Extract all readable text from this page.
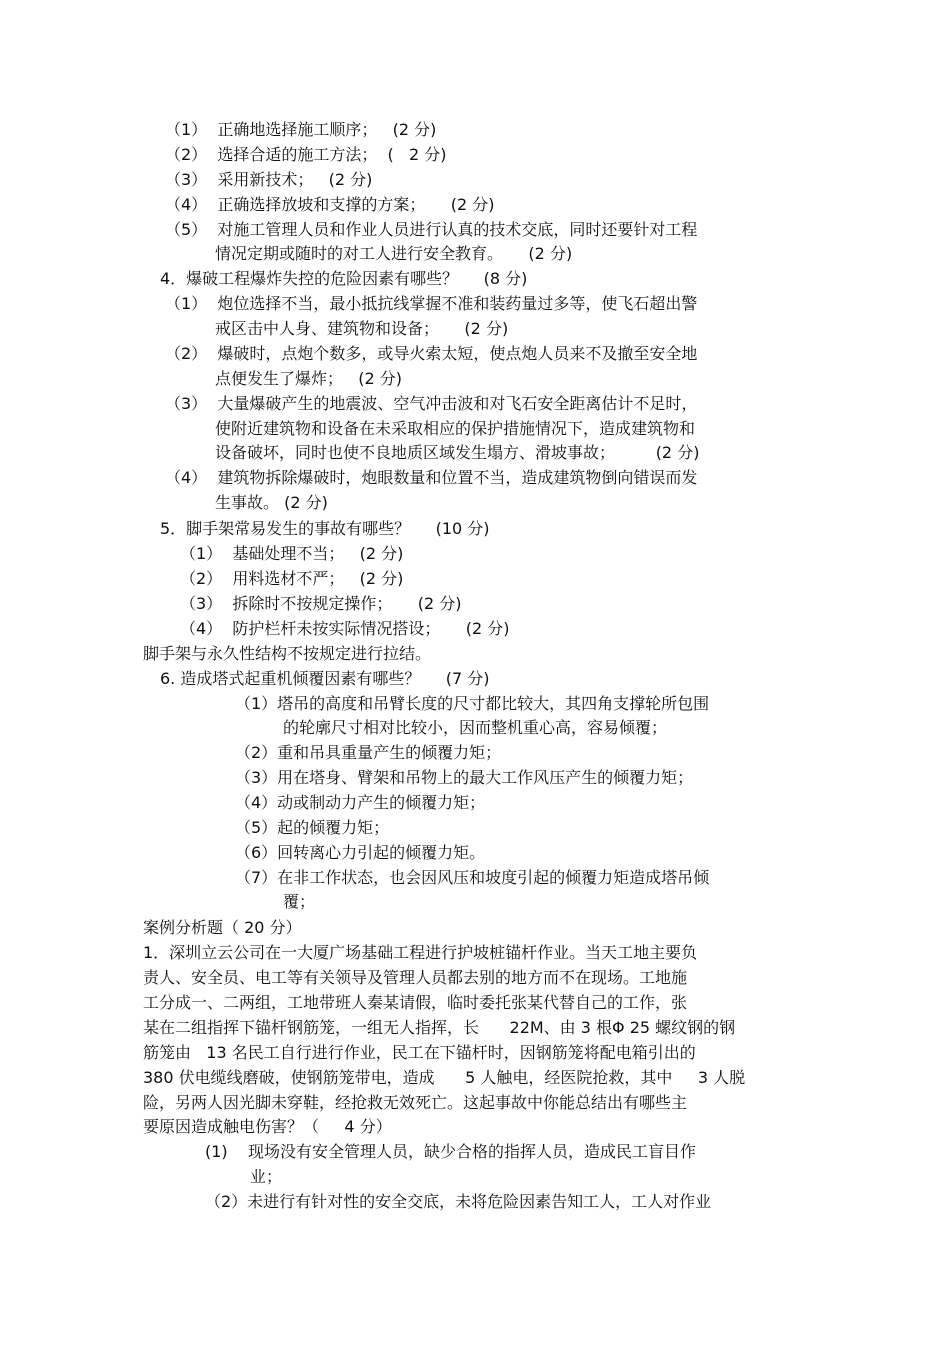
（1）  正确地选择施工顺序；   (2 分)
（2）  选择合适的施工方法；  (   2 分)
（3）  采用新技术；   (2 分)
（4）  正确选择放坡和支撑的方案；     (2 分)
（5）  对施工管理人员和作业人员进行认真的技术交底，同时还要针对工程
情况定期或随时的对工人进行安全教育。     (2 分)
4．爆破工程爆炸失控的危险因素有哪些？     (8 分)
（1）  炮位选择不当，最小抵抗线掌握不准和装药量过多等，使飞石超出警
戒区击中人身、建筑物和设备；     (2 分)
（2）  爆破时，点炮个数多，或导火索太短，使点炮人员来不及撤至安全地
点便发生了爆炸；   (2 分)
（3）  大量爆破产生的地震波、空气冲击波和对飞石安全距离估计不足时，
使附近建筑物和设备在未采取相应的保护措施情况下，造成建筑物和
设备破坏，同时也使不良地质区域发生塌方、滑坡事故；        (2 分)
（4）  建筑物拆除爆破时，炮眼数量和位置不当，造成建筑物倒向错误而发
生事故。 (2 分)
5．脚手架常易发生的事故有哪些？     (10 分)
（1）  基础处理不当；   (2 分)
（2）  用料选材不严；   (2 分)
（3）  拆除时不按规定操作；     (2 分)
（4）  防护栏杆未按实际情况搭设；     (2 分)
脚手架与永久性结构不按规定进行拉结。
6. 造成塔式起重机倾覆因素有哪些？     (7 分)
（1）塔吊的高度和吊臂长度的尺寸都比较大，其四角支撑轮所包围
的轮廓尺寸相对比较小，因而整机重心高，容易倾覆；
（2）重和吊具重量产生的倾覆力矩；
（3）用在塔身、臂架和吊物上的最大工作风压产生的倾覆力矩；
（4）动或制动力产生的倾覆力矩；
（5）起的倾覆力矩；
（6）回转离心力引起的倾覆力矩。
（7）在非工作状态，也会因风压和坡度引起的倾覆力矩造成塔吊倾
覆；
案例分析题（ 20 分）
1．深圳立云公司在一大厦广场基础工程进行护坡桩锚杆作业。当天工地主要负
责人、安全员、电工等有关领导及管理人员都去别的地方而不在现场。工地施
工分成一、二两组，工地带班人秦某请假，临时委托张某代替自己的工作，张
某在二组指挥下锚杆钢筋笼，一组无人指挥，长      22M、由 3 根Φ 25 螺纹钢的钢
筋笼由   13 名民工自行进行作业，民工在下锚杆时，因钢筋笼将配电箱引出的
380 伏电缆线磨破，使钢筋笼带电，造成      5 人触电，经医院抢救，其中     3 人脱
险，另两人因光脚未穿鞋，经抢救无效死亡。这起事故中你能总结出有哪些主
要原因造成触电伤害？（     4 分）
(1)    现场没有安全管理人员，缺少合格的指挥人员，造成民工盲目作
业；
（2）未进行有针对性的安全交底，未将危险因素告知工人，工人对作业
